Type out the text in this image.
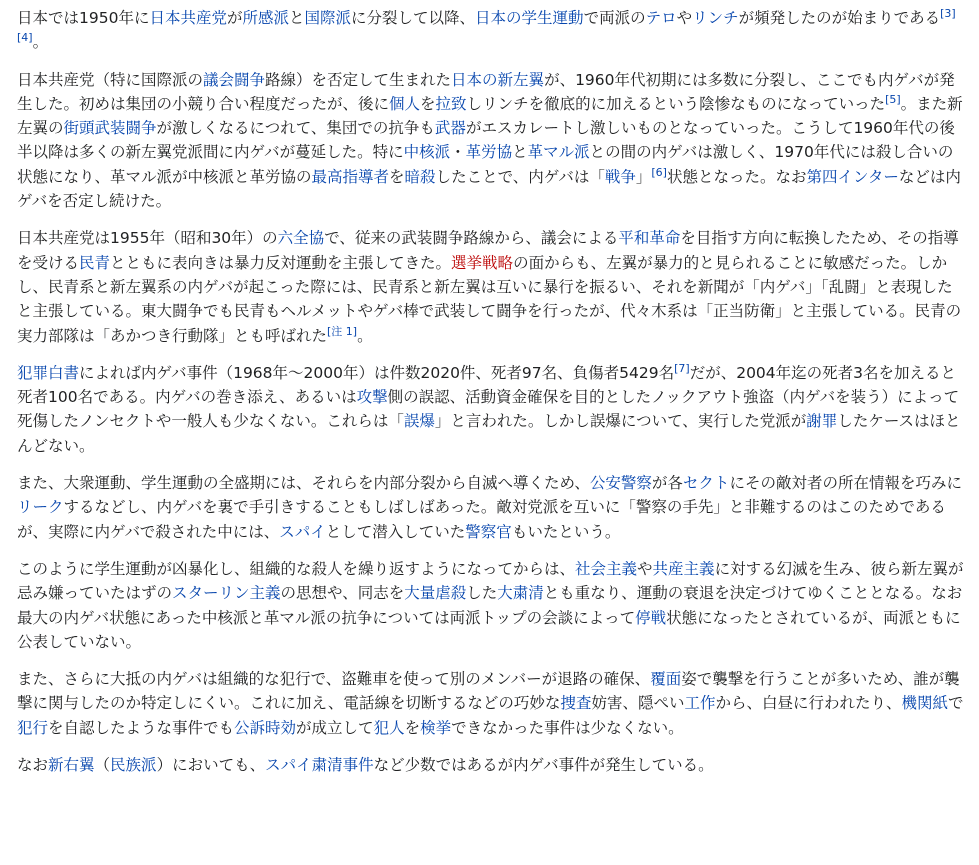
日本では1950年に日本共産党が所感派と国際派に分裂して以降、日本の学生運動で両派のテロやリンチが頻発したのが始まりである[3][4]。

日本共産党（特に国際派の議会闘争路線）を否定して生まれた日本の新左翼が、1960年代初期には多数に分裂し、ここでも内ゲバが発生した。初めは集団の小競り合い程度だったが、後に個人を拉致しリンチを徹底的に加えるという陰惨なものになっていった[5]。また新左翼の街頭武装闘争が激しくなるにつれて、集団での抗争も武器がエスカレートし激しいものとなっていった。こうして1960年代の後半以降は多くの新左翼党派間に内ゲバが蔓延した。特に中核派・革労協と革マル派との間の内ゲバは激しく、1970年代には殺し合いの状態になり、革マル派が中核派と革労協の最高指導者を暗殺したことで、内ゲバは「戦争」[6]状態となった。なお第四インターなどは内ゲバを否定し続けた。

日本共産党は1955年（昭和30年）の六全協で、従来の武装闘争路線から、議会による平和革命を目指す方向に転換したため、その指導を受ける民青とともに表向きは暴力反対運動を主張してきた。選挙戦略の面からも、左翼が暴力的と見られることに敏感だった。しかし、民青系と新左翼系の内ゲバが起こった際には、民青系と新左翼は互いに暴行を振るい、それを新聞が「内ゲバ」「乱闘」と表現したと主張している。東大闘争でも民青もヘルメットやゲバ棒で武装して闘争を行ったが、代々木系は「正当防衛」と主張している。民青の実力部隊は「あかつき行動隊」とも呼ばれた[注 1]。

犯罪白書によれば内ゲバ事件（1968年～2000年）は件数2020件、死者97名、負傷者5429名[7]だが、2004年迄の死者3名を加えると死者100名である。内ゲバの巻き添え、あるいは攻撃側の誤認、活動資金確保を目的としたノックアウト強盗（内ゲバを装う）によって死傷したノンセクトや一般人も少なくない。これらは「誤爆」と言われた。しかし誤爆について、実行した党派が謝罪したケースはほとんどない。

また、大衆運動、学生運動の全盛期には、それらを内部分裂から自滅へ導くため、公安警察が各セクトにその敵対者の所在情報を巧みにリークするなどし、内ゲバを裏で手引きすることもしばしばあった。敵対党派を互いに「警察の手先」と非難するのはこのためであるが、実際に内ゲバで殺された中には、スパイとして潜入していた警察官もいたという。

このように学生運動が凶暴化し、組織的な殺人を繰り返すようになってからは、社会主義や共産主義に対する幻滅を生み、彼ら新左翼が忌み嫌っていたはずのスターリン主義の思想や、同志を大量虐殺した大粛清とも重なり、運動の衰退を決定づけてゆくこととなる。なお最大の内ゲバ状態にあった中核派と革マル派の抗争については両派トップの会談によって停戦状態になったとされているが、両派ともに公表していない。

また、さらに大抵の内ゲバは組織的な犯行で、盗難車を使って別のメンバーが退路の確保、覆面姿で襲撃を行うことが多いため、誰が襲撃に関与したのか特定しにくい。これに加え、電話線を切断するなどの巧妙な捜査妨害、隠ぺい工作から、白昼に行われたり、機関紙で犯行を自認したような事件でも公訴時効が成立して犯人を検挙できなかった事件は少なくない。

なお新右翼（民族派）においても、スパイ粛清事件など少数ではあるが内ゲバ事件が発生している。
